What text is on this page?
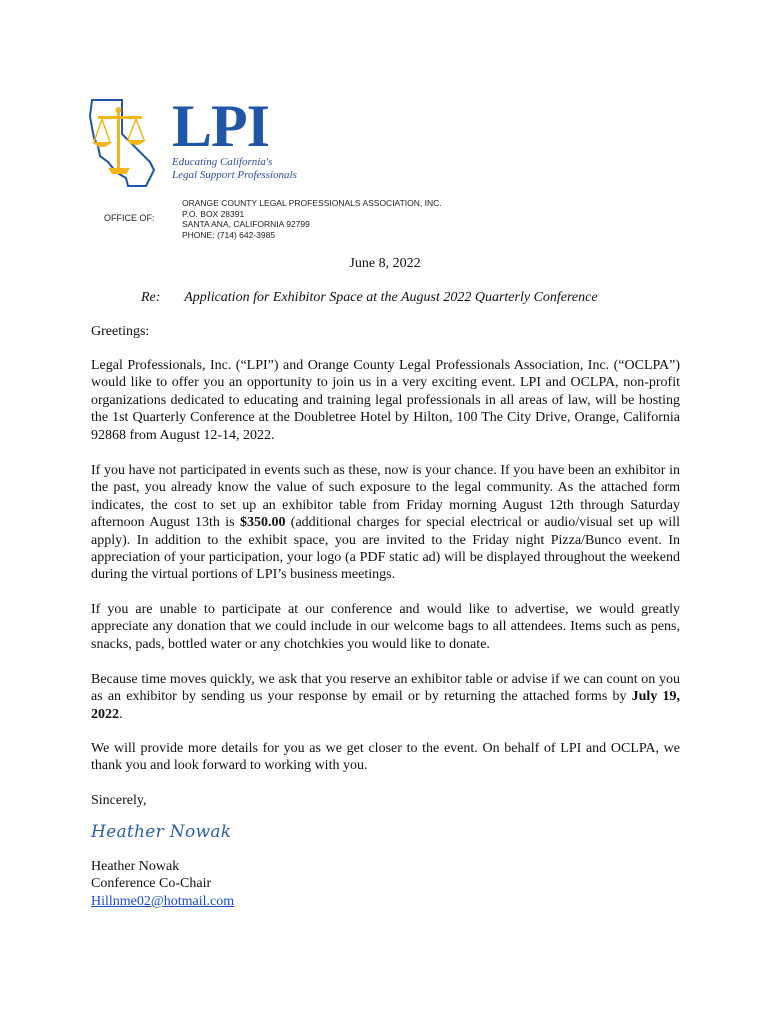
LPI
Educating California's
Legal Support Professionals
OFFICE OF:
ORANGE COUNTY LEGAL PROFESSIONALS ASSOCIATION, INC.
P.O. BOX 28391
SANTA ANA, CALIFORNIA 92799
PHONE: (714) 642-3985
June 8, 2022
Re: Application for Exhibitor Space at the August 2022 Quarterly Conference
Greetings:
Legal Professionals, Inc. (“LPI”) and Orange County Legal Professionals Association, Inc. (“OCLPA”) would like to offer you an opportunity to join us in a very exciting event. LPI and OCLPA, non-profit organizations dedicated to educating and training legal professionals in all areas of law, will be hosting the 1st Quarterly Conference at the Doubletree Hotel by Hilton, 100 The City Drive, Orange, California 92868 from August 12-14, 2022.
If you have not participated in events such as these, now is your chance. If you have been an exhibitor in the past, you already know the value of such exposure to the legal community. As the attached form indicates, the cost to set up an exhibitor table from Friday morning August 12th through Saturday afternoon August 13th is $350.00 (additional charges for special electrical or audio/visual set up will apply). In addition to the exhibit space, you are invited to the Friday night Pizza/Bunco event. In appreciation of your participation, your logo (a PDF static ad) will be displayed throughout the weekend during the virtual portions of LPI’s business meetings.
If you are unable to participate at our conference and would like to advertise, we would greatly appreciate any donation that we could include in our welcome bags to all attendees. Items such as pens, snacks, pads, bottled water or any chotchkies you would like to donate.
Because time moves quickly, we ask that you reserve an exhibitor table or advise if we can count on you as an exhibitor by sending us your response by email or by returning the attached forms by July 19, 2022.
We will provide more details for you as we get closer to the event. On behalf of LPI and OCLPA, we thank you and look forward to working with you.
Sincerely,
Heather Nowak
Heather Nowak
Conference Co-Chair
Hillnme02@hotmail.com
